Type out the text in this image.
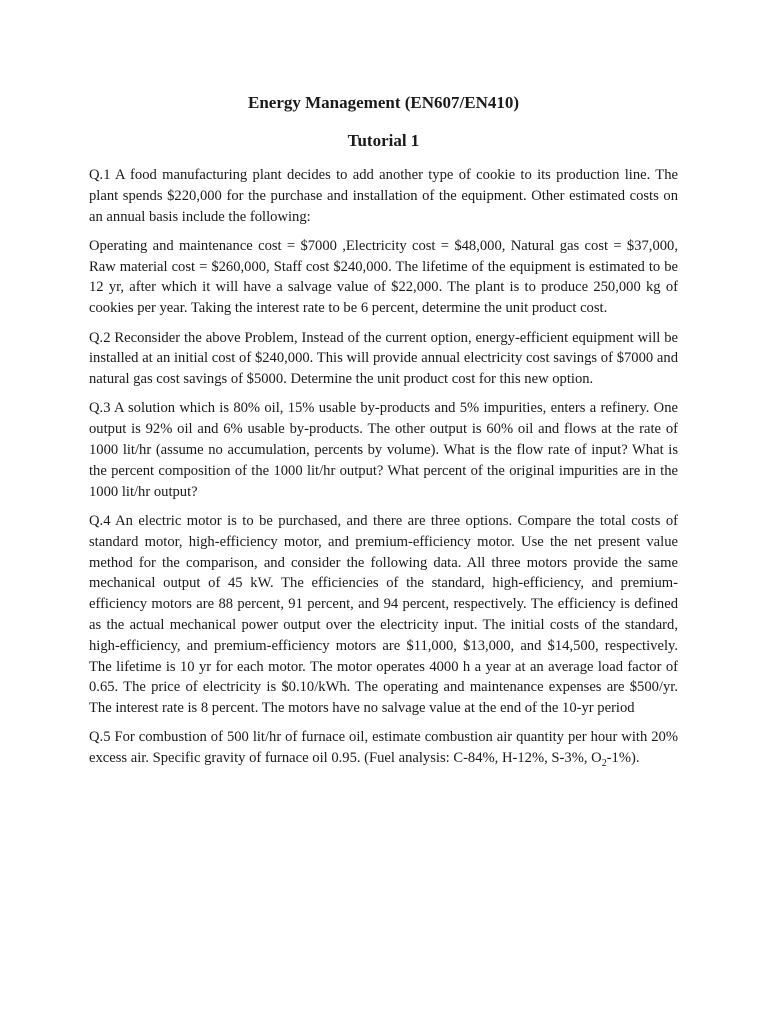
Energy Management (EN607/EN410)
Tutorial 1

Q.1 A food manufacturing plant decides to add another type of cookie to its production line. The plant spends $220,000 for the purchase and installation of the equipment. Other estimated costs on an annual basis include the following:

Operating and maintenance cost = $7000 ,Electricity cost = $48,000, Natural gas cost = $37,000, Raw material cost = $260,000, Staff cost $240,000. The lifetime of the equipment is estimated to be 12 yr, after which it will have a salvage value of $22,000. The plant is to produce 250,000 kg of cookies per year. Taking the interest rate to be 6 percent, determine the unit product cost.

Q.2 Reconsider the above Problem, Instead of the current option, energy-efficient equipment will be installed at an initial cost of $240,000. This will provide annual electricity cost savings of $7000 and natural gas cost savings of $5000. Determine the unit product cost for this new option.

Q.3 A solution which is 80% oil, 15% usable by-products and 5% impurities, enters a refinery. One output is 92% oil and 6% usable by-products. The other output is 60% oil and flows at the rate of 1000 lit/hr (assume no accumulation, percents by volume). What is the flow rate of input? What is the percent composition of the 1000 lit/hr output? What percent of the original impurities are in the 1000 lit/hr output?

Q.4 An electric motor is to be purchased, and there are three options. Compare the total costs of standard motor, high-efficiency motor, and premium-efficiency motor. Use the net present value method for the comparison, and consider the following data. All three motors provide the same mechanical output of 45 kW. The efficiencies of the standard, high-efficiency, and premium-efficiency motors are 88 percent, 91 percent, and 94 percent, respectively. The efficiency is defined as the actual mechanical power output over the electricity input. The initial costs of the standard, high-efficiency, and premium-efficiency motors are $11,000, $13,000, and $14,500, respectively. The lifetime is 10 yr for each motor. The motor operates 4000 h a year at an average load factor of 0.65. The price of electricity is $0.10/kWh. The operating and maintenance expenses are $500/yr. The interest rate is 8 percent. The motors have no salvage value at the end of the 10-yr period

Q.5 For combustion of 500 lit/hr of furnace oil, estimate combustion air quantity per hour with 20% excess air. Specific gravity of furnace oil 0.95. (Fuel analysis: C-84%, H-12%, S-3%, $O_2-1\%$).
